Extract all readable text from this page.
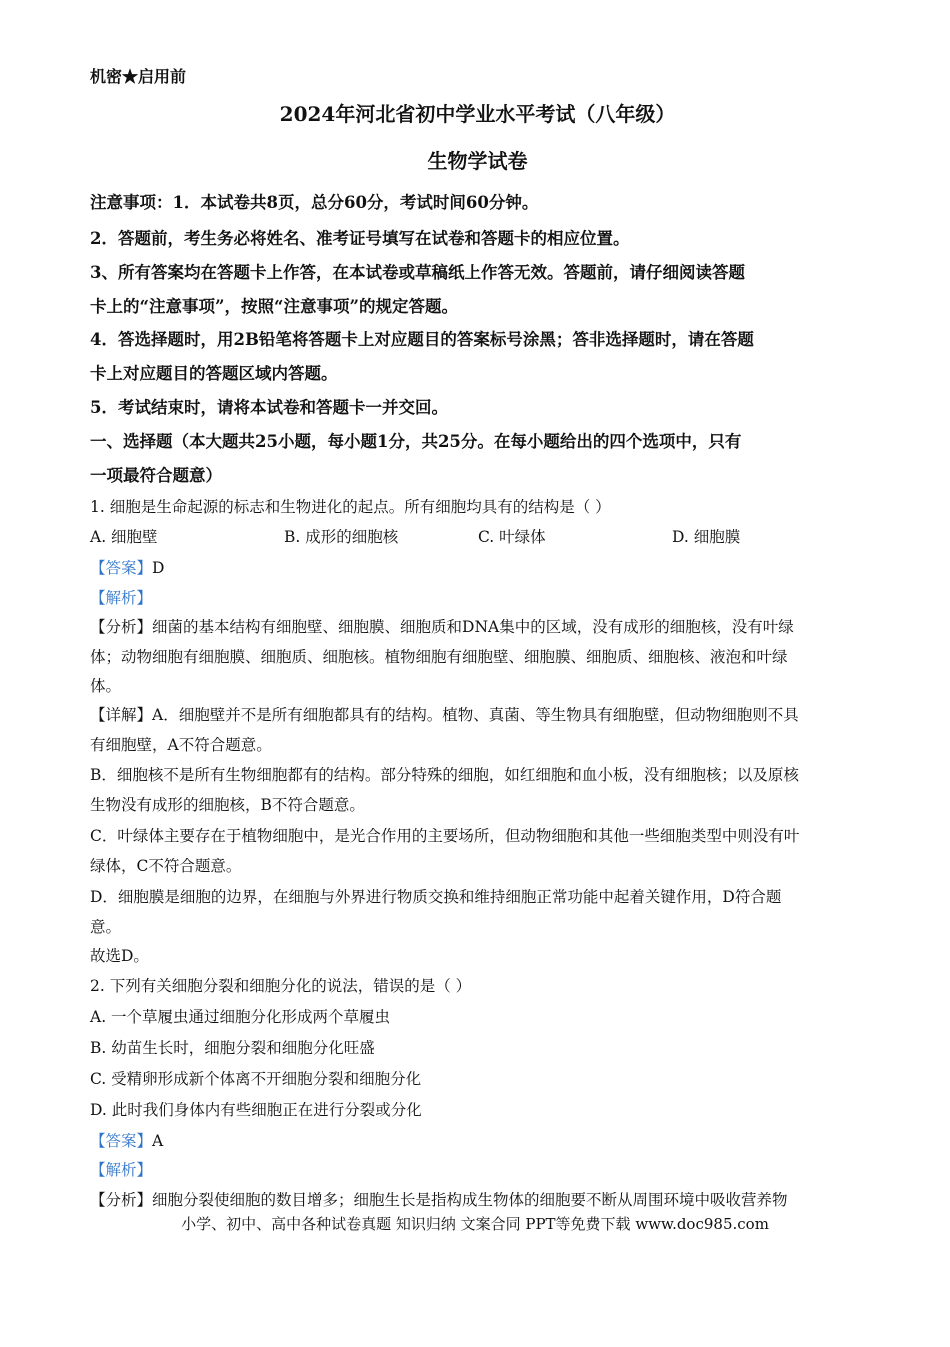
机密★启用前
2024年河北省初中学业水平考试（八年级）
生物学试卷
注意事项：1．本试卷共8页，总分60分，考试时间60分钟。
2．答题前，考生务必将姓名、准考证号填写在试卷和答题卡的相应位置。
3、所有答案均在答题卡上作答，在本试卷或草稿纸上作答无效。答题前，请仔细阅读答题
卡上的“注意事项”，按照“注意事项”的规定答题。
4．答选择题时，用2B铅笔将答题卡上对应题目的答案标号涂黑；答非选择题时，请在答题
卡上对应题目的答题区域内答题。
5．考试结束时，请将本试卷和答题卡一并交回。
一、选择题（本大题共25小题，每小题1分，共25分。在每小题给出的四个选项中，只有
一项最符合题意）
1. 细胞是生命起源的标志和生物进化的起点。所有细胞均具有的结构是（ ）
A. 细胞壁	B. 成形的细胞核	C. 叶绿体	D. 细胞膜
【答案】D
【解析】
【分析】细菌的基本结构有细胞壁、细胞膜、细胞质和DNA集中的区域，没有成形的细胞核，没有叶绿
体；动物细胞有细胞膜、细胞质、细胞核。植物细胞有细胞壁、细胞膜、细胞质、细胞核、液泡和叶绿
体。
【详解】A．细胞壁并不是所有细胞都具有的结构。植物、真菌、等生物具有细胞壁，但动物细胞则不具
有细胞壁，A不符合题意。
B．细胞核不是所有生物细胞都有的结构。部分特殊的细胞，如红细胞和血小板，没有细胞核；以及原核
生物没有成形的细胞核，B不符合题意。
C．叶绿体主要存在于植物细胞中，是光合作用的主要场所，但动物细胞和其他一些细胞类型中则没有叶
绿体，C不符合题意。
D．细胞膜是细胞的边界，在细胞与外界进行物质交换和维持细胞正常功能中起着关键作用，D符合题
意。
故选D。
2. 下列有关细胞分裂和细胞分化的说法，错误的是（ ）
A. 一个草履虫通过细胞分化形成两个草履虫
B. 幼苗生长时，细胞分裂和细胞分化旺盛
C. 受精卵形成新个体离不开细胞分裂和细胞分化
D. 此时我们身体内有些细胞正在进行分裂或分化
【答案】A
【解析】
【分析】细胞分裂使细胞的数目增多；细胞生长是指构成生物体的细胞要不断从周围环境中吸收营养物
小学、初中、高中各种试卷真题 知识归纳 文案合同 PPT等免费下载 www.doc985.com
